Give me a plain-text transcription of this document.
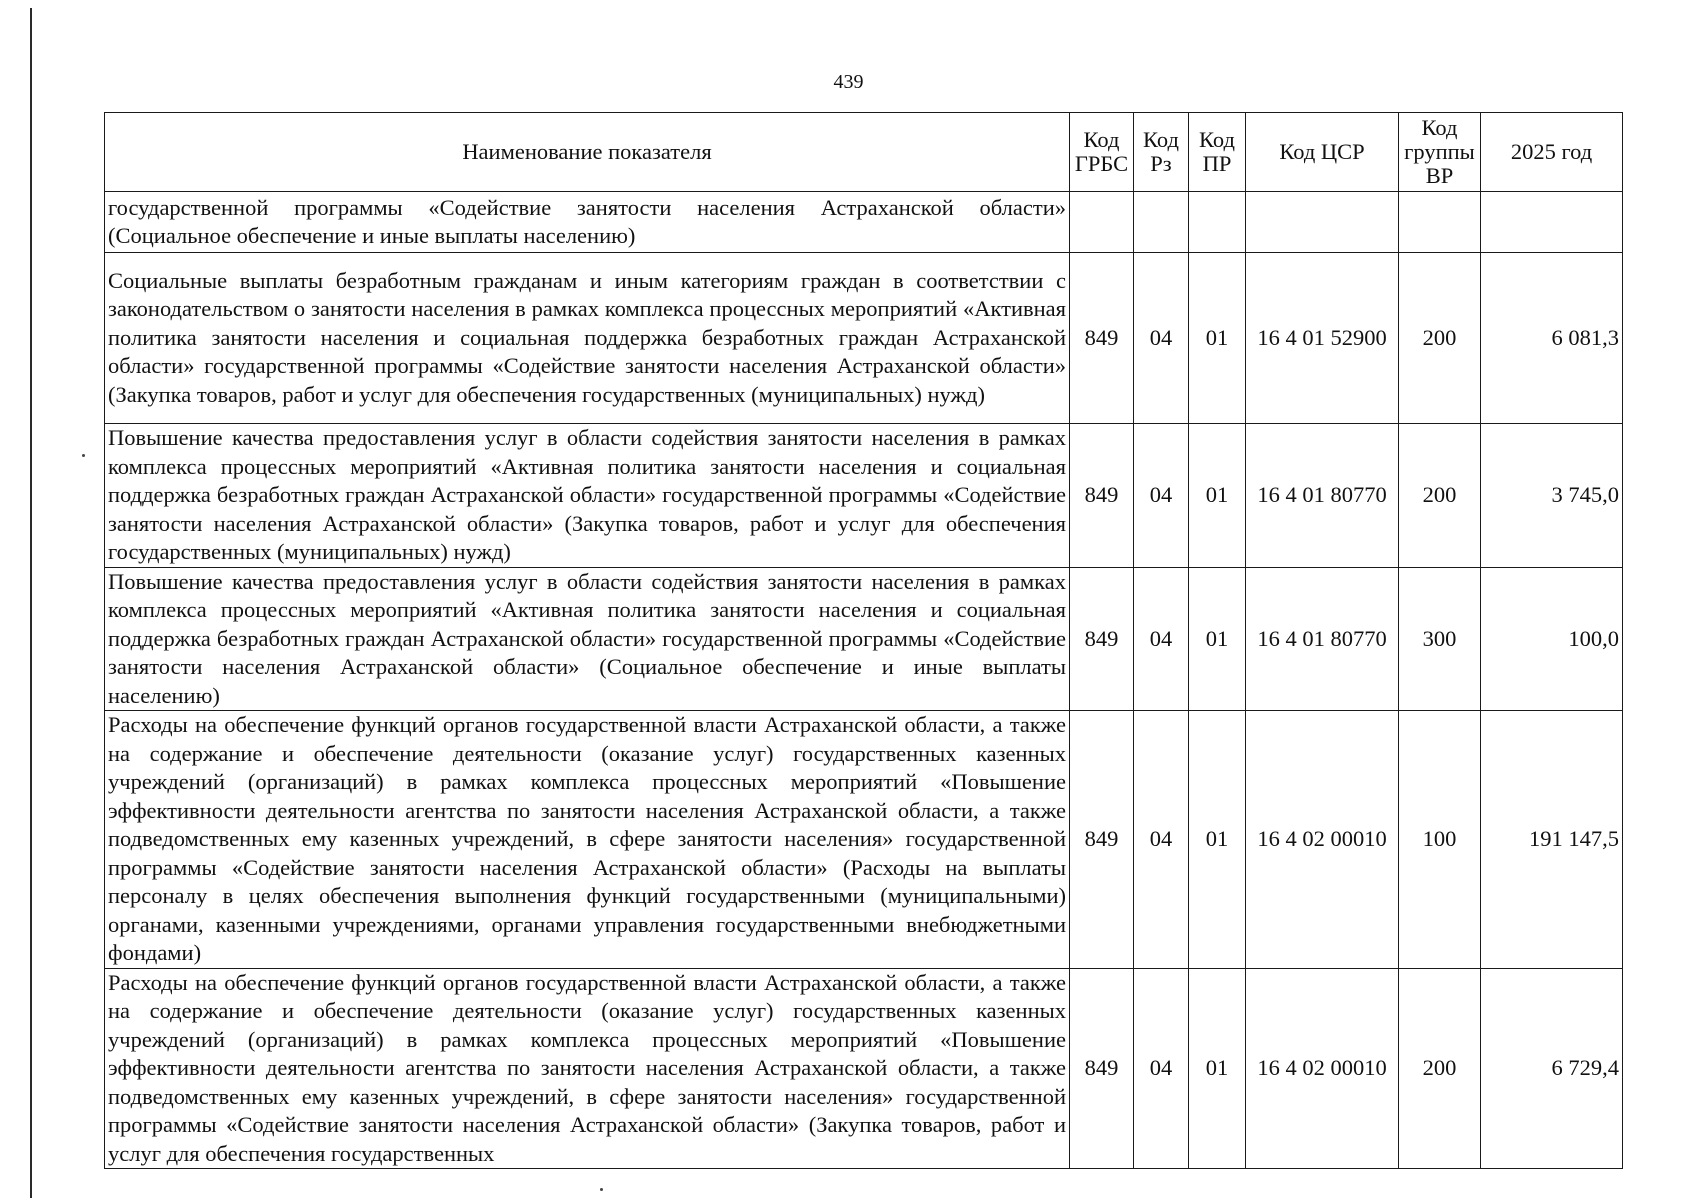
439
Наименование показателя	Код ГРБС	Код Рз	Код ПР	Код ЦСР	Код группы ВР	2025 год
государственной программы «Содействие занятости населения Астраханской области» (Социальное обеспечение и иные выплаты населению)						
Социальные выплаты безработным гражданам и иным категориям граждан в соответствии с законодательством о занятости населения в рамках комплекса процессных мероприятий «Активная политика занятости населения и социальная поддержка безработных граждан Астраханской области» государственной программы «Содействие занятости населения Астраханской области» (Закупка товаров, работ и услуг для обеспечения государственных (муниципальных) нужд)	849	04	01	16 4 01 52900	200	6 081,3
Повышение качества предоставления услуг в области содействия занятости населения в рамках комплекса процессных мероприятий «Активная политика занятости населения и социальная поддержка безработных граждан Астраханской области» государственной программы «Содействие занятости населения Астраханской области» (Закупка товаров, работ и услуг для обеспечения государственных (муниципальных) нужд)	849	04	01	16 4 01 80770	200	3 745,0
Повышение качества предоставления услуг в области содействия занятости населения в рамках комплекса процессных мероприятий «Активная политика занятости населения и социальная поддержка безработных граждан Астраханской области» государственной программы «Содействие занятости населения Астраханской области» (Социальное обеспечение и иные выплаты населению)	849	04	01	16 4 01 80770	300	100,0
Расходы на обеспечение функций органов государственной власти Астраханской области, а также на содержание и обеспечение деятельности (оказание услуг) государственных казенных учреждений (организаций) в рамках комплекса процессных мероприятий «Повышение эффективности деятельности агентства по занятости населения Астраханской области, а также подведомственных ему казенных учреждений, в сфере занятости населения» государственной программы «Содействие занятости населения Астраханской области» (Расходы на выплаты персоналу в целях обеспечения выполнения функций государственными (муниципальными) органами, казенными учреждениями, органами управления государственными внебюджетными фондами)	849	04	01	16 4 02 00010	100	191 147,5
Расходы на обеспечение функций органов государственной власти Астраханской области, а также на содержание и обеспечение деятельности (оказание услуг) государственных казенных учреждений (организаций) в рамках комплекса процессных мероприятий «Повышение эффективности деятельности агентства по занятости населения Астраханской области, а также подведомственных ему казенных учреждений, в сфере занятости населения» государственной программы «Содействие занятости населения Астраханской области» (Закупка товаров, работ и услуг для обеспечения государственных	849	04	01	16 4 02 00010	200	6 729,4
